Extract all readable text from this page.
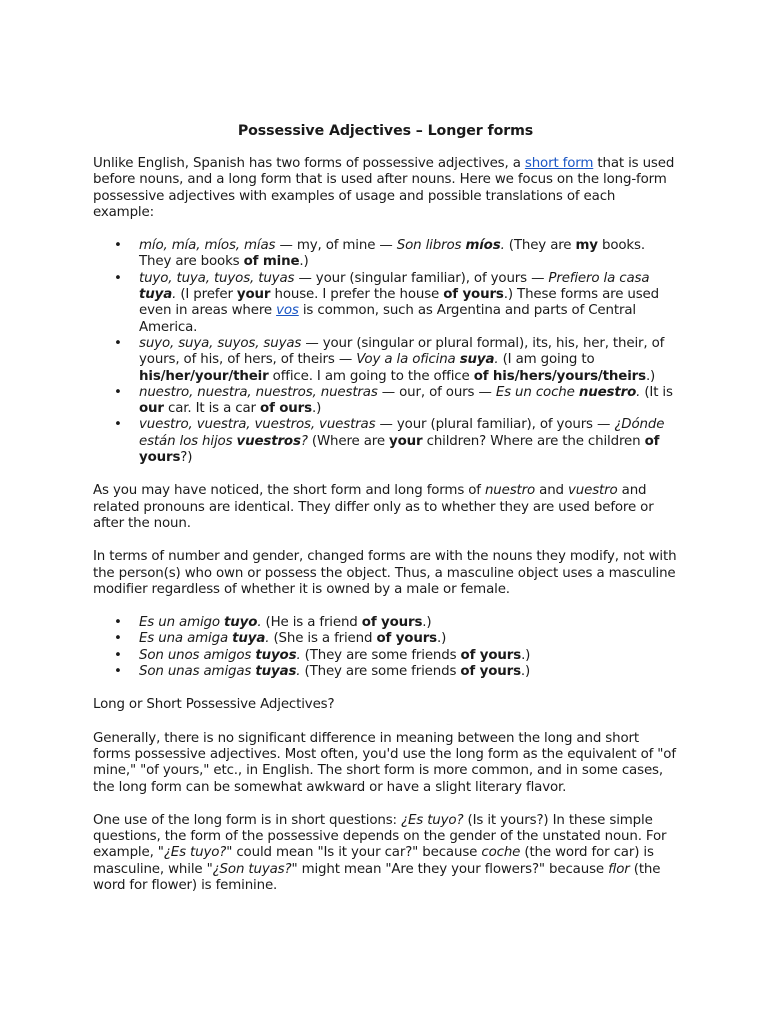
Possessive Adjectives – Longer forms

Unlike English, Spanish has two forms of possessive adjectives, a short form that is used before nouns, and a long form that is used after nouns. Here we focus on the long-form possessive adjectives with examples of usage and possible translations of each example:

• mío, mía, míos, mías — my, of mine — Son libros míos. (They are my books. They are books of mine.)
• tuyo, tuya, tuyos, tuyas — your (singular familiar), of yours — Prefiero la casa tuya. (I prefer your house. I prefer the house of yours.) These forms are used even in areas where vos is common, such as Argentina and parts of Central America.
• suyo, suya, suyos, suyas — your (singular or plural formal), its, his, her, their, of yours, of his, of hers, of theirs — Voy a la oficina suya. (I am going to his/her/your/their office. I am going to the office of his/hers/yours/theirs.)
• nuestro, nuestra, nuestros, nuestras — our, of ours — Es un coche nuestro. (It is our car. It is a car of ours.)
• vuestro, vuestra, vuestros, vuestras — your (plural familiar), of yours — ¿Dónde están los hijos vuestros? (Where are your children? Where are the children of yours?)

As you may have noticed, the short form and long forms of nuestro and vuestro and related pronouns are identical. They differ only as to whether they are used before or after the noun.

In terms of number and gender, changed forms are with the nouns they modify, not with the person(s) who own or possess the object. Thus, a masculine object uses a masculine modifier regardless of whether it is owned by a male or female.

• Es un amigo tuyo. (He is a friend of yours.)
• Es una amiga tuya. (She is a friend of yours.)
• Son unos amigos tuyos. (They are some friends of yours.)
• Son unas amigas tuyas. (They are some friends of yours.)

Long or Short Possessive Adjectives?

Generally, there is no significant difference in meaning between the long and short forms possessive adjectives. Most often, you'd use the long form as the equivalent of "of mine," "of yours," etc., in English. The short form is more common, and in some cases, the long form can be somewhat awkward or have a slight literary flavor.

One use of the long form is in short questions: ¿Es tuyo? (Is it yours?) In these simple questions, the form of the possessive depends on the gender of the unstated noun. For example, "¿Es tuyo?" could mean "Is it your car?" because coche (the word for car) is masculine, while "¿Son tuyas?" might mean "Are they your flowers?" because flor (the word for flower) is feminine.
